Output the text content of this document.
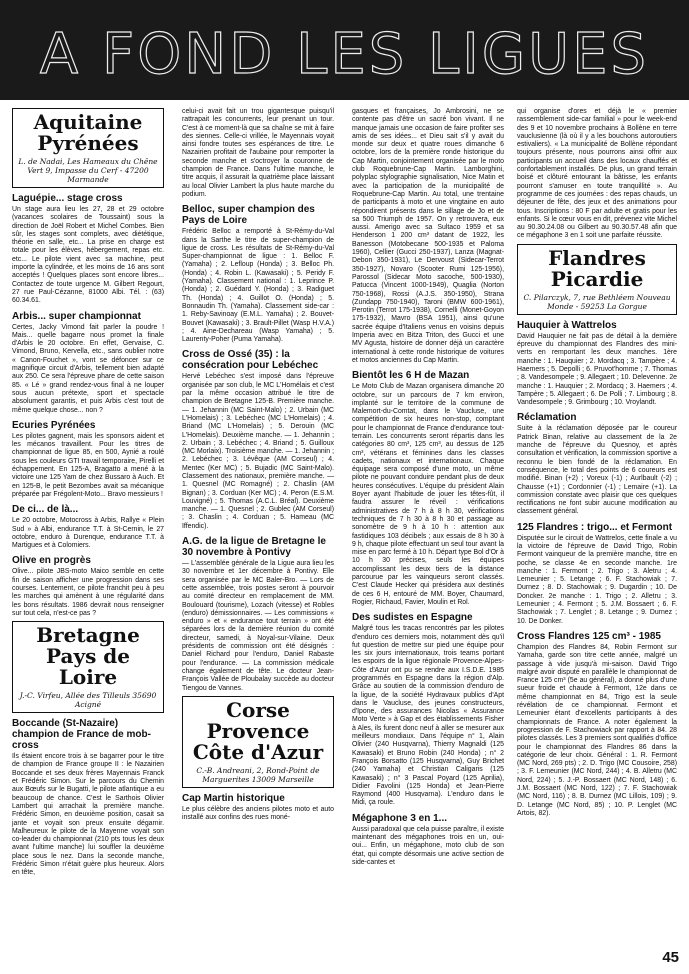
A FOND LES LIGUES
Aquitaine Pyrénées
L. de Nadai, Les Hameaux du Chêne Vert 9, Impasse du Cerf - 47200 Marmande
Laguépie... stage cross

Un stage aura lieu les 27, 28 et 29 octobre (vacances scolaires de Toussaint) sous la direction de Joël Robert et Michel Combes. Bien sûr, les stages sont complets, avec diététique, théorie en salle, etc... La prise en charge est totale pour les élèves, hébergement, repas etc. etc... Le pilote vient avec sa machine, peut importe la cylindrée, et les moins de 16 ans sont acceptés ! Quelques places sont encore libres... Contactez de toute urgence M. Gilbert Regourt, 27 rue Paul-Cézanne, 81000 Albi. Tél. : (63) 60.34.61.

Arbis... super championnat

Certes, Jacky Vimond fait parler la poudre ! Mais... quelle bagarre nous promet la finale d'Arbis le 20 octobre. En effet, Gervaise, C. Vimond, Bruno, Kervella, etc., sans oublier notre « Canon-Fouchet », vont se défoncer sur ce magnifique circuit d'Arbis, tellement bien adapté aux 250. Ce sera l'épreuve phare de cette saison 85. « Lé » grand rendez-vous final à ne louper sous aucun prétexte, sport et spectacle absolument garantis, et puis Arbis c'est tout de même quelque chose... non ?

Ecuries Pyrénées

Les pilotes gagnent, mais les sponsors aident et les mécanos travaillent. Pour les titres de championnat de ligue 85, en 500, Aynié a roulé sous les couleurs GTI travail temporaire, Pirelli et échappement. En 125-A, Bragatto a mené à la victoire une 125 Yam de chez Bussaro à Auch. Et en 125-B, le petit Bezombes avait sa mécanique préparée par Frégolent-Moto... Bravo messieurs !

De ci... de là...

Le 20 octobre, Motocross à Arbis, Rallye « Plein Sud » à Albi, endurance T.T. à St-Cernin, le 27 octobre, enduro à Durenque, endurance T.T. à Martigues et à Colomiers.

Olive en progrès

Olive... pilote JBS-moto Maico semble en cette fin de saison afficher une progression dans ses courses. Lentement, ce pilote franchit peu à peu les marches qui amènent à une régularité dans les bons résultats. 1986 devrait nous renseigner sur tout cela, n'est-ce pas ?

Bretagne Pays de Loire
J.-C. Virfeu, Allée des Tilleuls 35690 Acigné
Boccande (St-Nazaire) champion de France de mob-cross

Ils étaient encore trois à se bagarrer pour le titre de champion de France groupe II : le Nazairien Boccande et ses deux frères Mayennais Franck et Frédéric Simon. Sur le parcours du Chemin aux Bœufs sur le Bugatti, le pilote atlantique a eu beaucoup de chance. C'est le Sarthois Olivier Lambert qui arrachait la première manche. Frédéric Simon, en deuxième position, casait sa jante et voyait son preux ensuite dégarnir. Malheureux le pilote de la Mayenne voyait son co-leader du championnat (210 pts tous les deux avant l'ultime manche) lui souffler la deuxième place sous le nez. Dans la seconde manche, Frédéric Simon n'était guère plus heureux. Alors en tête,

celui-ci avait fait un trou gigantesque puisqu'il rattrapait les concurrents, leur prenant un tour. C'est à ce moment-là que sa chaîne se mit à faire des siennes. Celle-ci vrillée, le Mayennais voyait ainsi fondre toutes ses espérances de titre. Le Nazairien profitait de l'aubaine pour remporter la seconde manche et s'octroyer la couronne de champion de France. Dans l'ultime manche, le titre acquis, il assurait la quatrième place laissant au local Olivier Lambert la plus haute marche du podium.

Belloc, super champion des Pays de Loire

Frédéric Belloc a remporté à St-Rémy-du-Val dans la Sarthe le titre de super-champion de ligue de cross. Les résultats de St-Rémy-du-Val Super-championnat de ligue : 1. Belloc F. (Yamaha) ; 2. Lefloup (Honda) ; 3. Belloc Ph. (Honda) ; 4. Robin L. (Kawasaki) ; 5. Peridy F. (Yamaha). Classement national : 1. Leprince P. (Honda) ; 2. Guédard Y. (Honda) ; 3. Radiguet Th. (Honda) ; 4. Guillot O. (Honda) ; 5. Bonnaudin Th. (Yamaha). Classement side-car : 1. Reby-Savinoay (E.M.L. Yamaha) ; 2. Bouvet-Bouvet (Kawasaki) ; 3. Brault-Pillet (Wasp H.V.A.) ; 4. Aine-Dechareau (Wasp Yamaha) ; 5. Laurenty-Poher (Puma Yamaha).

Cross de Ossé (35) : la consécration pour Lebéchec

Hervé Lebéchec s'est imposé dans l'épreuve organisée par son club, le MC L'Homélais et c'est par la même occasion attribué le titre de champion de Bretagne 125-B. Première manche. — 1. Jehannin (MC Saint-Malo) ; 2. Urbain (MC L'Homelais) ; 3. Lebéchec (MC L'Homelais) ; 4. Briand (MC L'Homelais) ; 5. Derouin (MC L'Homelais). Deuxième manche. — 1. Jehannin ; 2. Urbain ; 3. Lebéchec ; 4. Briand ; 5. Guilloux (MC Morlaix). Troisième manche. — 1. Jehannin ; 2. Lebéchec ; 3. Lévêque (AM Corseul) ; 4. Mentec (Ker MC) ; 5. Bujadic (MC Saint-Malo). Classement des nationaux, première manche. — 1. Quesnel (MC Romagné) ; 2. Chaslin (AM Bignan) ; 3. Corduan (Ker MC) ; 4. Peron (E.S.M. Louvigné) ; 5. Thomas (A.C.L. Bréal). Deuxième manche. — 1. Quesnel ; 2. Gublec (AM Corseul) ; 3. Chaslin ; 4. Corduan ; 5. Hameau (MC Iffendic).

A.G. de la ligue de Bretagne le 30 novembre à Pontivy

— L'assemblée générale de la Ligue aura lieu les 30 novembre et 1er décembre à Pontivy. Elle sera organisée par le MC Baler-Bro. — Lors de cette assemblée, trois postes seront à pourvoir au comité directeur en remplacement de MM. Boulouard (tourisme), Lozach (vitesse) et Robles (enduro) démissionnaires. — Les commissions « enduro » et « endurance tout terrain » ont été séparées lors de la dernière réunion du comité directeur, samedi, à Noyal-sur-Vilaine. Deux présidents de commission ont été désignés : Daniel Richard pour l'enduro, Daniel Rabaste pour l'endurance. — La commission médicale change également de tête. Le docteur Jean-François Vallée de Ploubalay succède au docteur Tiengou de Vannes.

Corse Provence Côte d'Azur
C.-B. Andreani, 2, Rond-Point de Marguerites 13009 Marseille
Cap Martin historique

Le plus célèbre des anciens pilotes moto et auto installé aux confins des rues moné-

gasques et françaises, Jo Ambrosini, ne se contente pas d'être un sacré bon vivant. Il ne manque jamais une occasion de faire profiter ses amis de ses idées... et Dieu sait s'il y avait du monde sur deux et quatre roues dimanche 6 octobre, lors de la première ronde historique du Cap Martin, conjointement organisée par le moto club Roquebrune-Cap Martin. Lamborghini, polyplac stylographie signalisation, Nice Matin et avec la participation de la municipalité de Roquebrune-Cap Martin. Au total, une trentaine de participants à moto et une vingtaine en auto répondirent présents dans le sillage de Jo et de sa 500 Triumph de 1957. On y retrouvera, eux aussi. Amerigo avec sa Sultaco 1959 et sa Henderson 1 200 cm³ datant de 1922, les Banesson (Motobecane 500-1935 et Paloma 1960), Cellier (Gucci 250-1937), Lanza (Magnat-Debon 350-1931), Le Dervoust (Sidecar-Terrot 350-1927), Novaro (Scooter Rumi 125-1956), Parossol (Sidecar Moto sacoche, 500-1930), Patucca (Vincent 1000-1949), Quaglia (Norton 750-1968), Rossi (A.J.S. 350-1950), Strana (Zundapp 750-1940), Taroni (BMW 600-1961), Perotin (Terrot 175-1938), Cornelli (Monet-Goyon 175-1932), Mavro (BSA 1951), ainsi qu'une sacrée équipe d'Italiens venus en voisins depuis Imperia avec en Bitza Triton, des Gucci et une MV Agusta, histoire de donner déjà un caractère international à cette ronde historique de voitures et motos anciennes du Cap Martin.

Bientôt les 6 H de Mazan

Le Moto Club de Mazan organisera dimanche 20 octobre, sur un parcours de 7 km environ, implanté sur le territoire de la commune de Malemort-du-Comtat, dans le Vaucluse, une compétition de six heures non-stop, comptant pour le championnat de France d'endurance tout-terrain. Les concurrents seront répartis dans les catégories 80 cm³, 125 cm³, au dessus de 125 cm³, vétérans et féminines dans les classes cadets, nationaux et internationaux. Chaque équipage sera composé d'une moto, un même pilote ne pouvant conduire pendant plus de deux heures consécutives. L'équipe du président Alain Boyer ayant l'habitude de jouer les têtes-fût, il faudra assurer le réveil : vérifications administratives de 7 h à 8 h 30, vérifications techniques de 7 h 30 à 8 h 30 et passage au sonomètre de 9 h à 10 h : attention aux fastidiques 103 décibels ; aux essais de 8 h 30 à 9 h, chaque pilote effectuant un seul tour avant la mise en parc fermé à 10 h. Départ type Bol d'Or à 10 h 30 précises, seuls les équipes accomplissant les deux tiers de la distance parcourue par les vainqueurs seront classés. C'est Claude Hecker qui présidera aux destinés de ces 6 H, entouré de MM. Boyer, Chaumard, Rogier, Richaud, Favier, Moulin et Rol.

Des sudistes en Espagne

Malgré tous les tracas rencontrés par les pilotes d'enduro ces derniers mois, notamment dès qu'il fut question de mettre sur pied une équipe pour les six jours internationaux, trois teams portant les espoirs de la ligue régionale Provence-Alpes-Côte d'Azur ont pu se rendre aux I.S.D.E. 1985 programmés en Espagne dans la région d'Alp. Grâce au soutien de la commission d'enduro de la ligue, de la société Hydravaux publics d'Apt dans le Vaucluse, des jeunes constructeurs, d'Ipone, des assurances Nicolas « Assurance Moto Verte » à Gap et des établissements Fisher à Ales, ils furent donc neuf à aller se mesurer aux meilleurs mondiaux. Dans l'équipe n° 1, Alain Olivier (240 Husqvarna), Thierry Magnaldi (125 Kawasaki) et Bruno Robin (240 Honda) ; n° 2 François Borsatto (125 Husqvarna), Guy Brichet (240 Yamaha) et Christian Caligaris (125 Kawasaki) ; n° 3 Pascal Poyard (125 Aprilia), Didier Favolini (125 Honda) et Jean-Pierre Raymond (400 Husqvarna). L'enduro dans le Midi, ça roule.

Mégaphone 3 en 1...

Aussi paradoxal que cela puisse paraître, il existe maintenant des mégaphones trois en un, oui-oui... Enfin, un mégaphone, moto club de son état, qui compte désormais une active section de side-cantes et

qui organise d'ores et déjà le « premier rassemblement side-car familial » pour le week-end des 9 et 10 novembre prochains à Bollène en terre vauclusienne (là où il y a les bouchons autoroutiers estivaliers). « La municipalité de Bollène répondant toujours présente, nous pourrons ainsi offrir aux participants un accueil dans des locaux chauffés et confortablement installés. De plus, un grand terrain boisé et clôturé entourant la bâtisse, les enfants pourront s'amuser en toute tranquillité ». Au programme de ces journées : des repas chauds, un déjeuner de fête, des jeux et des animations pour tous. Inscriptions : 80 F par adulte et gratis pour les enfants. Si le cœur vous en dit, prévenez vite Michel au 90.30.24.08 ou Gilbert au 90.30.57.48 afin que ce mégaphone 3 en 1 soit une parfaite réussite.

Flandres Picardie
C. Pilarczyk, 7, rue Bethléem Nouveau Monde - 59253 La Gorgue
Hauquier à Wattrelos

David Hauquier ne fait pas de détail à la dernière épreuve du championnat des Flandres des mini-verts en remportant les deux manches. 1ère manche : 1. Hauquier ; 2. Mordacq ; 3. Tampère ; 4. Haemers ; 5. Depolli ; 6. Pruvot'homme ; 7. Thomas ; 8. Vandesompele ; 9. Allegaert ; 10. Delevenne. 2e manche : 1. Hauquier ; 2. Mordacq ; 3. Haemers ; 4. Tampère ; 5. Allegaert ; 6. De Polli ; 7. Limbourg ; 8. Vandesompele ; 9. Grimbourg ; 10. Vroylandt.

Réclamation

Suite à la réclamation déposée par le coureur Patrick Binan, relative au classement de la 2e manche de l'épreuve du Quesnoy, et après consultation et vérification, la commission sportive a reconnu le bien fondé de la réclamation. En conséquence, le total des points de 6 coureurs est modifié. Binan (+2) ; Voreux (-1) ; Aurlbault (-2) ; Chausse (+1) ; Cordonnier (-1) ; Lemaire (+1). La commission constate avec plaisir que ces quelques rectifications ne font subir aucune modification au classement général.

125 Flandres : trigo... et Fermont

Disputée sur le circuit de Wattrelos, cette finale a vu la victoire de l'épreuve de David Trigo, Robin Fermont vainqueur de la première manche, titre en poche, se classe 4e en seconde manche. 1re manche : 1. Fermont ; 2. Trigo ; 3. Aletru ; 4. Lemeunier ; 5. Letange ; 6. F. Stachowiak ; 7. Durnez ; 8. D. Stachowiak ; 9. Dugardin ; 10. De Doncker. 2e manche : 1. Trigo ; 2. Alletru ; 3. Lemeunier ; 4. Fermont ; 5. J.M. Bossaert ; 6. F. Stachowiak ; 7. Lenglet ; 8. Letange ; 9. Durnez ; 10. De Donker.

Cross Flandres 125 cm³ - 1985

Champion des Flandres 84, Robin Fermont sur Yamaha, garde son titre cette année, malgré un passage à vide jusqu'à mi-saison. David Trigo malgré avoir disputé en parallèle le championnat de France 125 cm³ (5e au général), a donné plus d'une sueur froide et chaude à Fermont, 12e dans ce même championnat en 84, Trigo est la seule révélation de ce championnat. Fermont et Lemeunier étant d'excellents participants à des championnats de France. A noter également la progression de F. Stachowiack par rapport à 84. 28 pilotes classés. Les 3 premiers sont qualifiés d'office pour le championnat des Flandres 86 dans la catégorie de leur choix. Général : 1. R. Fermont (MC Nord, 269 pts) ; 2. D. Trigo (MC Cousoire, 258) ; 3. F. Lemeunier (MC Nord, 244) ; 4. B. Alletru (MC Nord, 224) ; 5. J.-P. Bossaert (MC Nord, 148) ; 6. J.M. Bossaert (MC Nord, 122) ; 7. F. Stachowiak (MC Nord, 116) ; 8. B. Durnez (MC Lillois, 109) ; 9. D. Letange (MC Nord, 85) ; 10. P. Lenglet (MC Artois, 82).

45
